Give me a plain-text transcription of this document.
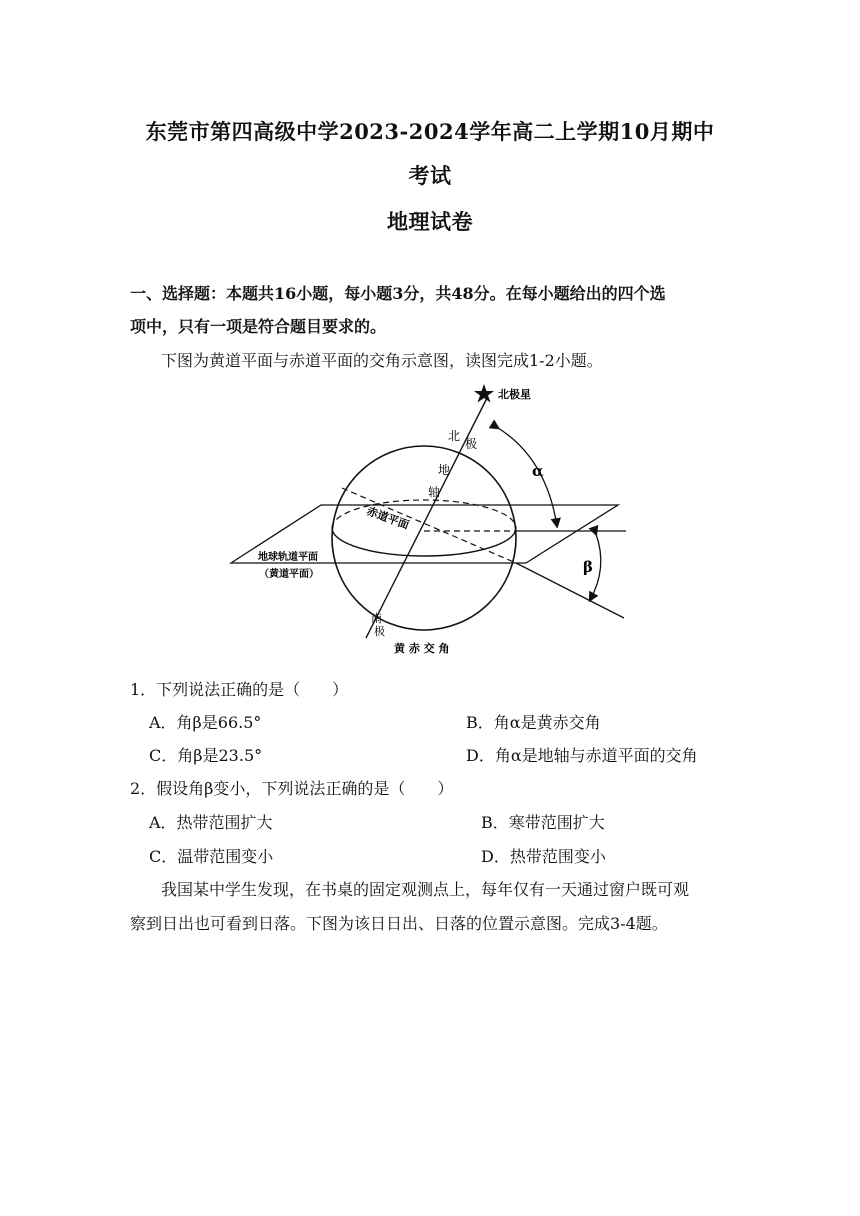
东莞市第四高级中学2023-2024学年高二上学期10月期中
考试
地理试卷
一、选择题：本题共16小题，每小题3分，共48分。在每小题给出的四个选
项中，只有一项是符合题目要求的。
下图为黄道平面与赤道平面的交角示意图，读图完成1-2小题。
北极星
北
极
地
轴
赤道平面
地球轨道平面
（黄道平面）
α
β
南
极
黄 赤 交 角
1．下列说法正确的是（　　）
A．角β是66.5°	B．角α是黄赤交角
C．角β是23.5°	D．角α是地轴与赤道平面的交角
2．假设角β变小，下列说法正确的是（　　）
A．热带范围扩大	B．寒带范围扩大
C．温带范围变小	D．热带范围变小
我国某中学生发现，在书桌的固定观测点上，每年仅有一天通过窗户既可观
察到日出也可看到日落。下图为该日日出、日落的位置示意图。完成3-4题。
